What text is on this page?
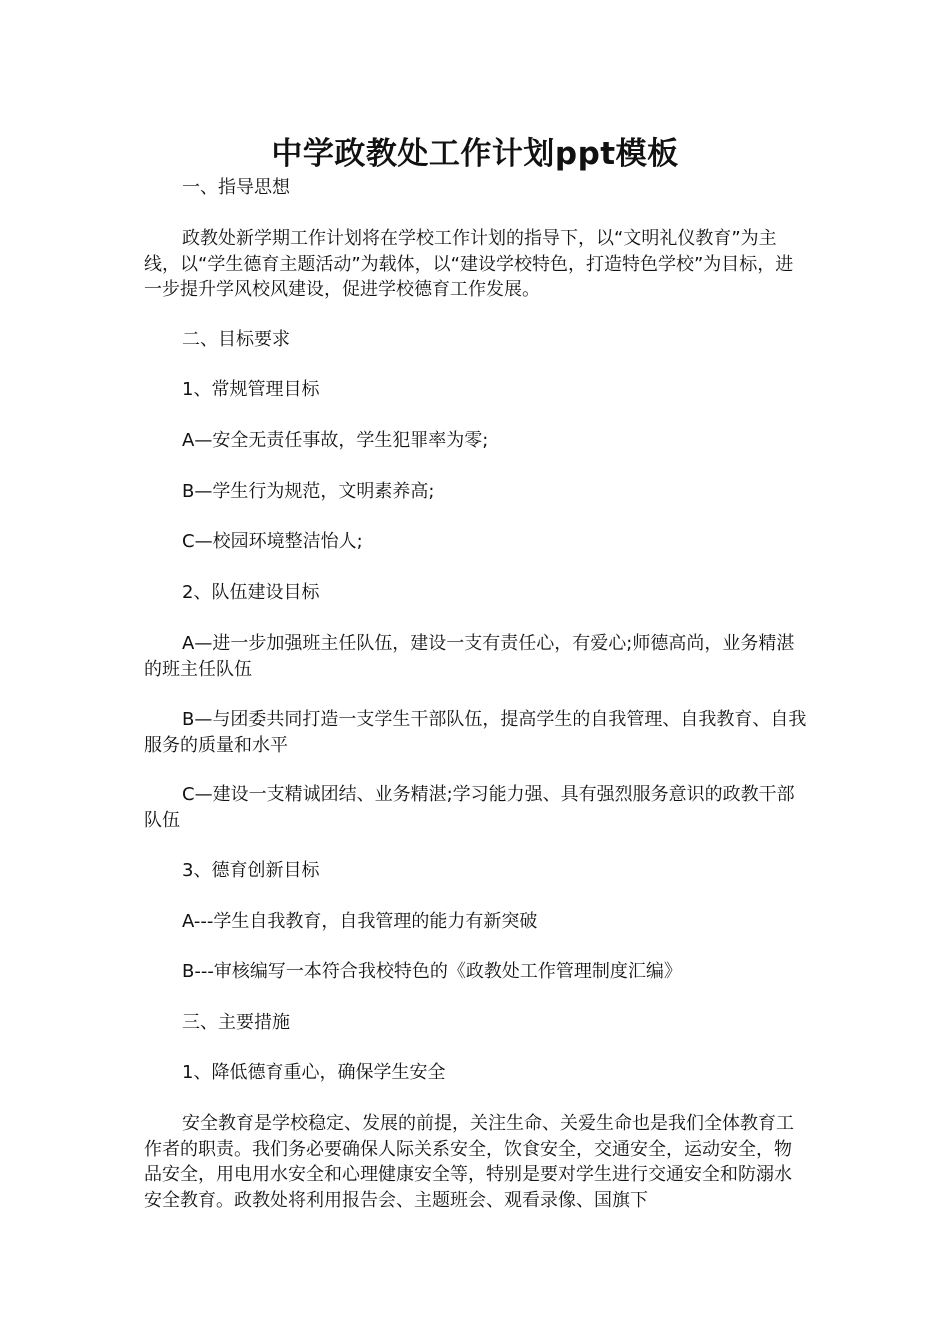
中学政教处工作计划ppt模板

一、指导思想

政教处新学期工作计划将在学校工作计划的指导下，以“文明礼仪教育”为主线，以“学生德育主题活动”为载体，以“建设学校特色，打造特色学校”为目标，进一步提升学风校风建设，促进学校德育工作发展。

二、目标要求

1、常规管理目标

A—安全无责任事故，学生犯罪率为零;

B—学生行为规范，文明素养高;

C—校园环境整洁怡人;

2、队伍建设目标

A—进一步加强班主任队伍，建设一支有责任心，有爱心;师德高尚，业务精湛的班主任队伍

B—与团委共同打造一支学生干部队伍，提高学生的自我管理、自我教育、自我服务的质量和水平

C—建设一支精诚团结、业务精湛;学习能力强、具有强烈服务意识的政教干部队伍

3、德育创新目标

A---学生自我教育，自我管理的能力有新突破

B---审核编写一本符合我校特色的《政教处工作管理制度汇编》

三、主要措施

1、降低德育重心，确保学生安全

安全教育是学校稳定、发展的前提，关注生命、关爱生命也是我们全体教育工作者的职责。我们务必要确保人际关系安全，饮食安全，交通安全，运动安全，物品安全，用电用水安全和心理健康安全等，特别是要对学生进行交通安全和防溺水安全教育。政教处将利用报告会、主题班会、观看录像、国旗下
